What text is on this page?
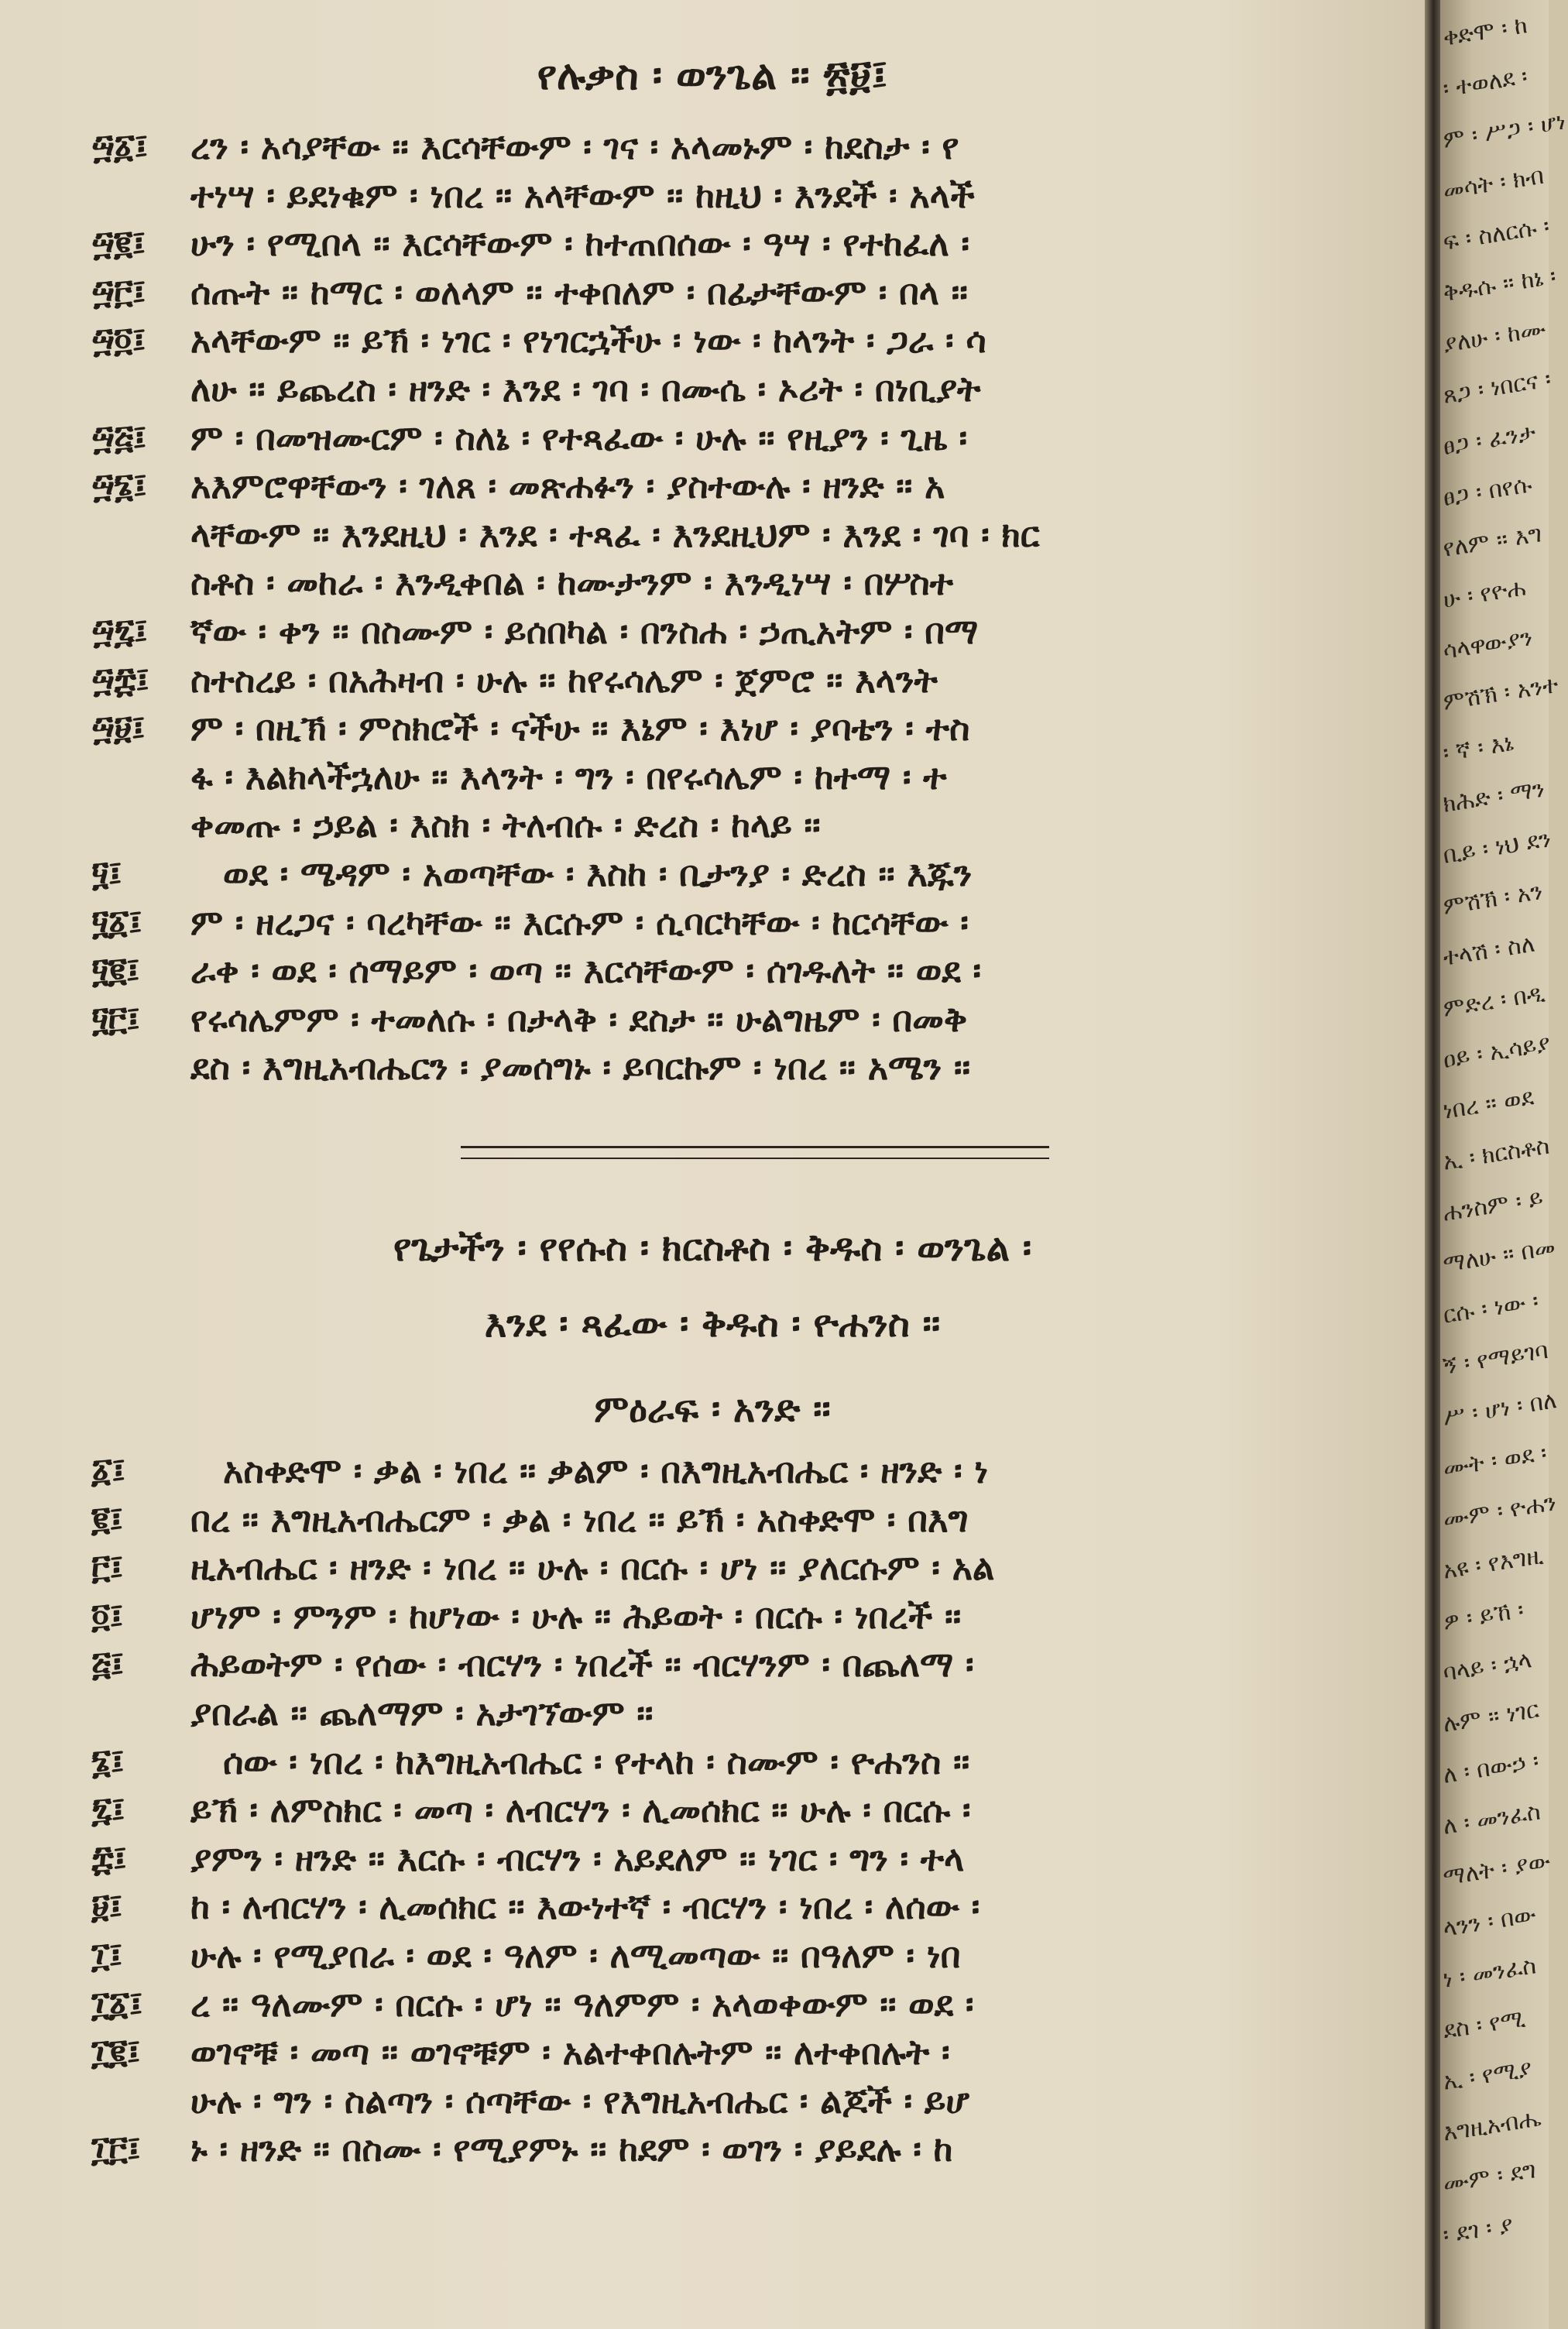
የሉቃስ ፡ ወንጌል ፡፡ ፳፱፤
፵፩፤	ረን ፡ አሳያቸው ፡፡ እርሳቸውም ፡ ገና ፡ አላመኑም ፡ ከደስታ ፡ የ
ተነሣ ፡ ይደነቁም ፡ ነበረ ፡፡ አላቸውም ፡፡ ከዚህ ፡ እንደች ፡ አላች
፵፪፤	ሁን ፡ የሚበላ ፡፡ እርሳቸውም ፡ ከተጠበሰው ፡ ዓሣ ፡ የተከፈለ ፡
፵፫፤	ሰጡት ፡፡ ከማር ፡ ወለላም ፡፡ ተቀበለም ፡ በፊታቸውም ፡ በላ ፡፡
፵፬፤	አላቸውም ፡፡ ይኽ ፡ ነገር ፡ የነገርኋችሁ ፡ ነው ፡ ከላንት ፡ ጋራ ፡ ሳ
ለሁ ፡፡ ይጨረስ ፡ ዘንድ ፡ እንደ ፡ ገባ ፡ በሙሴ ፡ ኦሪት ፡ በነቢያት
፵፭፤	ም ፡ በመዝሙርም ፡ ስለኔ ፡ የተጻፈው ፡ ሁሉ ፡፡ የዚያን ፡ ጊዜ ፡
፵፮፤	አእምሮዋቸውን ፡ ገለጸ ፡ መጽሐፉን ፡ ያስተውሉ ፡ ዘንድ ፡፡ አ
ላቸውም ፡፡ እንደዚህ ፡ እንደ ፡ ተጻፈ ፡ እንደዚህም ፡ እንደ ፡ ገባ ፡ ክር
ስቶስ ፡ መከራ ፡ እንዲቀበል ፡ ከሙታንም ፡ እንዲነሣ ፡ በሦስተ
፵፯፤	ኛው ፡ ቀን ፡፡ በስሙም ፡ ይሰበካል ፡ በንስሐ ፡ ኃጢአትም ፡ በማ
፵፰፤	ስተስረይ ፡ በአሕዛብ ፡ ሁሉ ፡፡ ከየሩሳሌም ፡ ጀምሮ ፡፡ እላንት
፵፱፤	ም ፡ በዚኽ ፡ ምስክሮች ፡ ናችሁ ፡፡ እኔም ፡ እነሆ ፡ ያባቴን ፡ ተስ
ፋ ፡ እልክላችኋለሁ ፡፡ እላንት ፡ ግን ፡ በየሩሳሌም ፡ ከተማ ፡ ተ
ቀመጡ ፡ ኃይል ፡ እስክ ፡ ትለብሱ ፡ ድረስ ፡ ከላይ ፡፡
፶፤	ወደ ፡ ሜዳም ፡ አወጣቸው ፡ እስከ ፡ ቢታንያ ፡ ድረስ ፡፡ እጁን
፶፩፤	ም ፡ ዘረጋና ፡ ባረካቸው ፡፡ እርሱም ፡ ሲባርካቸው ፡ ከርሳቸው ፡
፶፪፤	ራቀ ፡ ወደ ፡ ሰማይም ፡ ወጣ ፡፡ እርሳቸውም ፡ ሰገዱለት ፡፡ ወደ ፡
፶፫፤	የሩሳሌምም ፡ ተመለሱ ፡ በታላቅ ፡ ደስታ ፡፡ ሁልግዜም ፡ በመቅ
ደስ ፡ እግዚአብሔርን ፡ ያመሰግኑ ፡ ይባርኩም ፡ ነበረ ፡፡ አሜን ፡፡
የጌታችን ፡ የየሱስ ፡ ክርስቶስ ፡ ቅዱስ ፡ ወንጌል ፡
እንደ ፡ ጻፈው ፡ ቅዱስ ፡ ዮሐንስ ፡፡
ምዕራፍ ፡ አንድ ፡፡
፩፤	አስቀድሞ ፡ ቃል ፡ ነበረ ፡፡ ቃልም ፡ በእግዚአብሔር ፡ ዘንድ ፡ ነ
፪፤	በረ ፡፡ እግዚአብሔርም ፡ ቃል ፡ ነበረ ፡፡ ይኽ ፡ አስቀድሞ ፡ በእግ
፫፤	ዚአብሔር ፡ ዘንድ ፡ ነበረ ፡፡ ሁሉ ፡ በርሱ ፡ ሆነ ፡፡ ያለርሱም ፡ አል
፬፤	ሆነም ፡ ምንም ፡ ከሆነው ፡ ሁሉ ፡፡ ሕይወት ፡ በርሱ ፡ ነበረች ፡፡
፭፤	ሕይወትም ፡ የሰው ፡ ብርሃን ፡ ነበረች ፡፡ ብርሃንም ፡ በጨለማ ፡
ያበራል ፡፡ ጨለማም ፡ አታገኘውም ፡፡
፮፤	ሰው ፡ ነበረ ፡ ከእግዚአብሔር ፡ የተላከ ፡ ስሙም ፡ ዮሐንስ ፡፡
፯፤	ይኽ ፡ ለምስክር ፡ መጣ ፡ ለብርሃን ፡ ሊመሰክር ፡፡ ሁሉ ፡ በርሱ ፡
፰፤	ያምን ፡ ዘንድ ፡፡ እርሱ ፡ ብርሃን ፡ አይደለም ፡፡ ነገር ፡ ግን ፡ ተላ
፱፤	ከ ፡ ለብርሃን ፡ ሊመሰክር ፡፡ እውነተኛ ፡ ብርሃን ፡ ነበረ ፡ ለሰው ፡
፲፤	ሁሉ ፡ የሚያበራ ፡ ወደ ፡ ዓለም ፡ ለሚመጣው ፡፡ በዓለም ፡ ነበ
፲፩፤	ረ ፡፡ ዓለሙም ፡ በርሱ ፡ ሆነ ፡፡ ዓለምም ፡ አላወቀውም ፡፡ ወደ ፡
፲፪፤	ወገኖቹ ፡ መጣ ፡፡ ወገኖቹም ፡ አልተቀበሉትም ፡፡ ለተቀበሉት ፡
ሁሉ ፡ ግን ፡ ስልጣን ፡ ሰጣቸው ፡ የእግዚአብሔር ፡ ልጆች ፡ ይሆ
፲፫፤	ኑ ፡ ዘንድ ፡፡ በስሙ ፡ የሚያምኑ ፡፡ ከደም ፡ ወገን ፡ ያይደሉ ፡ ከ
ቀድሞ ፡ ከ
፡ ተወለደ ፡
ም ፡ ሥጋ ፡ ሆነ
መሳት ፡ ክብ
ፍ ፡ ስለርሱ ፡
ቅዱሱ ፡፡ ከኔ ፡
ያለሁ ፡ ከሙ
ጸጋ ፡ ነበርና ፡
ፀጋ ፡ ፈንታ
ፀጋ ፡ በየሱ
የለም ፡፡ እግ
ሁ ፡ የዮሐ
ሳላዋውያን
ምሽኽ ፡ አንተ
፡ ኛ ፡ እኔ
ክሕድ ፡ ማን
ቢይ ፡ ነህ ደን
ምሽኽ ፡ አን
ተላሽ ፡ ስለ
ምድረ ፡ በዲ
ዐይ ፡ ኢሳይያ
ነበረ ፡፡ ወደ
ኢ ፡ ክርስቶስ
ሐንስም ፡ ይ
ማለሁ ፡፡ በመ
ርሱ ፡ ነው ፡
ኝ ፡ የማይገባ
ሥ ፡ ሆነ ፡ በለ
ሙት ፡ ወደ ፡
ሙም ፡ ዮሐን
አዩ ፡ የእግዚ
ዎ ፡ ይኸ ፡
ባላይ ፡ ኋላ
ሉም ፡፡ ነገር
ለ ፡ በውኃ ፡
ለ ፡ መንፈስ
ማለት ፡ ያው
ላንን ፡ በው
ነ ፡ መንፈስ
ደስ ፡ የሚ
ኢ ፡ የሚያ
እግዚአብሔ
ሙም ፡ ደግ
፡ ደገ ፡ ያ
